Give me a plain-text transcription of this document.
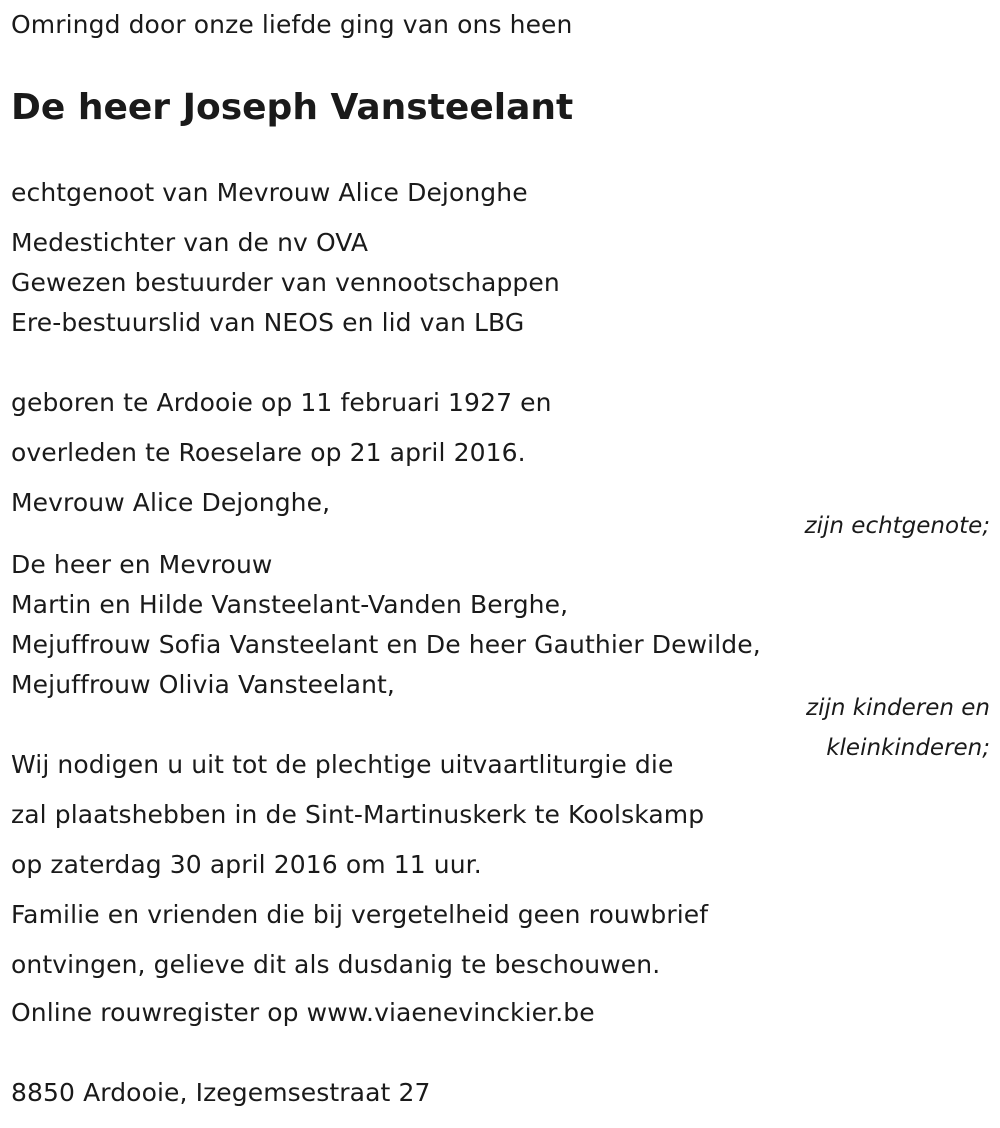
Omringd door onze liefde ging van ons heen
De heer Joseph Vansteelant
echtgenoot van Mevrouw Alice Dejonghe
Medestichter van de nv OVA
Gewezen bestuurder van vennootschappen
Ere-bestuurslid van NEOS en lid van LBG
geboren te Ardooie op 11 februari 1927 en
overleden te Roeselare op 21 april 2016.
Mevrouw Alice Dejonghe,
zijn echtgenote;
De heer en Mevrouw
Martin en Hilde Vansteelant-Vanden Berghe,
Mejuffrouw Sofia Vansteelant en De heer Gauthier Dewilde,
Mejuffrouw Olivia Vansteelant,
zijn kinderen en
kleinkinderen;
Wij nodigen u uit tot de plechtige uitvaartliturgie die
zal plaatshebben in de Sint-Martinuskerk te Koolskamp
op zaterdag 30 april 2016 om 11 uur.
Familie en vrienden die bij vergetelheid geen rouwbrief
ontvingen, gelieve dit als dusdanig te beschouwen.
Online rouwregister op www.viaenevinckier.be
8850 Ardooie, Izegemsestraat 27
